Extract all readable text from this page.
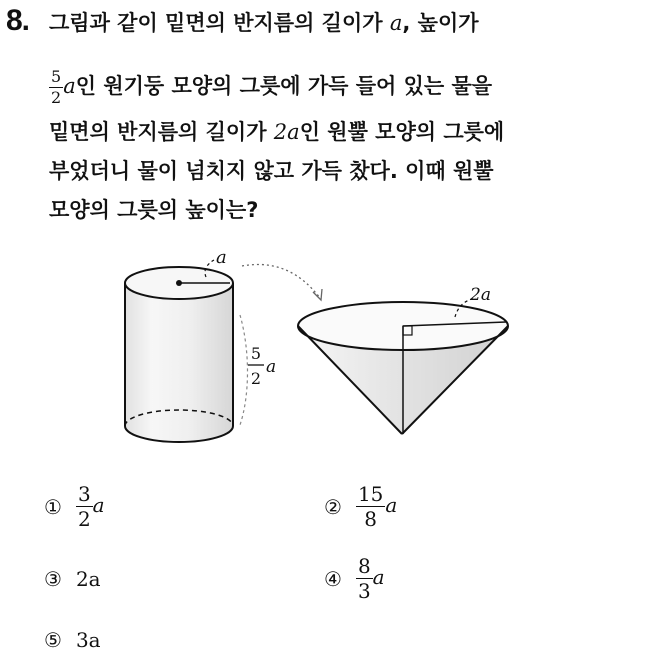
8. 그림과 같이 밑면의 반지름의 길이가 a, 높이가
$\frac{5}{2}$ a인 원기둥 모양의 그릇에 가득 들어 있는 물을
밑면의 반지름의 길이가 2a인 원뿔 모양의 그릇에
부었더니 물이 넘치지 않고 가득 찼다. 이때 원뿔
모양의 그릇의 높이는?
a
5
2
a
2a
① $\frac{3}{2}$ a	② $\frac{15}{8}$ a
③ 2a	④ $\frac{8}{3}$ a
⑤ 3a
